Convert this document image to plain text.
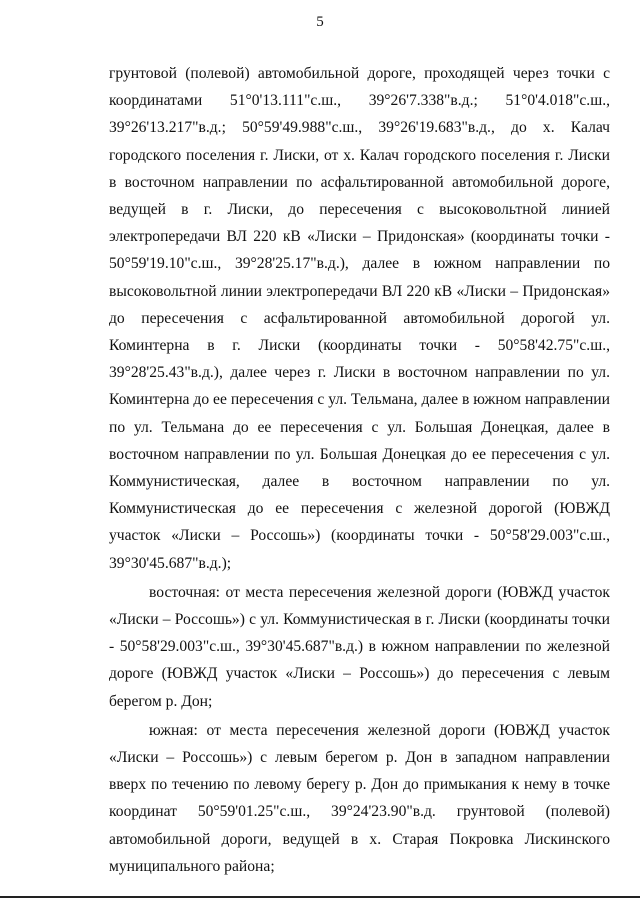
5

грунтовой (полевой) автомобильной дороге, проходящей через точки с координатами 51°0'13.111"с.ш., 39°26'7.338"в.д.; 51°0'4.018"с.ш., 39°26'13.217"в.д.; 50°59'49.988"с.ш., 39°26'19.683"в.д., до х. Калач городского поселения г. Лиски, от х. Калач городского поселения г. Лиски в восточном направлении по асфальтированной автомобильной дороге, ведущей в г. Лиски, до пересечения с высоковольтной линией электропередачи ВЛ 220 кВ «Лиски – Придонская» (координаты точки - 50°59'19.10"с.ш., 39°28'25.17"в.д.), далее в южном направлении по высоковольтной линии электропередачи ВЛ 220 кВ «Лиски – Придонская» до пересечения с асфальтированной автомобильной дорогой ул. Коминтерна в г. Лиски (координаты точки - 50°58'42.75"с.ш., 39°28'25.43"в.д.), далее через г. Лиски в восточном направлении по ул. Коминтерна до ее пересечения с ул. Тельмана, далее в южном направлении по ул. Тельмана до ее пересечения с ул. Большая Донецкая, далее в восточном направлении по ул. Большая Донецкая до ее пересечения с ул. Коммунистическая, далее в восточном направлении по ул. Коммунистическая до ее пересечения с железной дорогой (ЮВЖД участок «Лиски – Россошь») (координаты точки - 50°58'29.003"с.ш., 39°30'45.687"в.д.);

восточная: от места пересечения железной дороги (ЮВЖД участок «Лиски – Россошь») с ул. Коммунистическая в г. Лиски (координаты точки - 50°58'29.003"с.ш., 39°30'45.687"в.д.) в южном направлении по железной дороге (ЮВЖД участок «Лиски – Россошь») до пересечения с левым берегом р. Дон;

южная: от места пересечения железной дороги (ЮВЖД участок «Лиски – Россошь») с левым берегом р. Дон в западном направлении вверх по течению по левому берегу р. Дон до примыкания к нему в точке координат 50°59'01.25"с.ш., 39°24'23.90"в.д. грунтовой (полевой) автомобильной дороги, ведущей в х. Старая Покровка Лискинского муниципального района;
